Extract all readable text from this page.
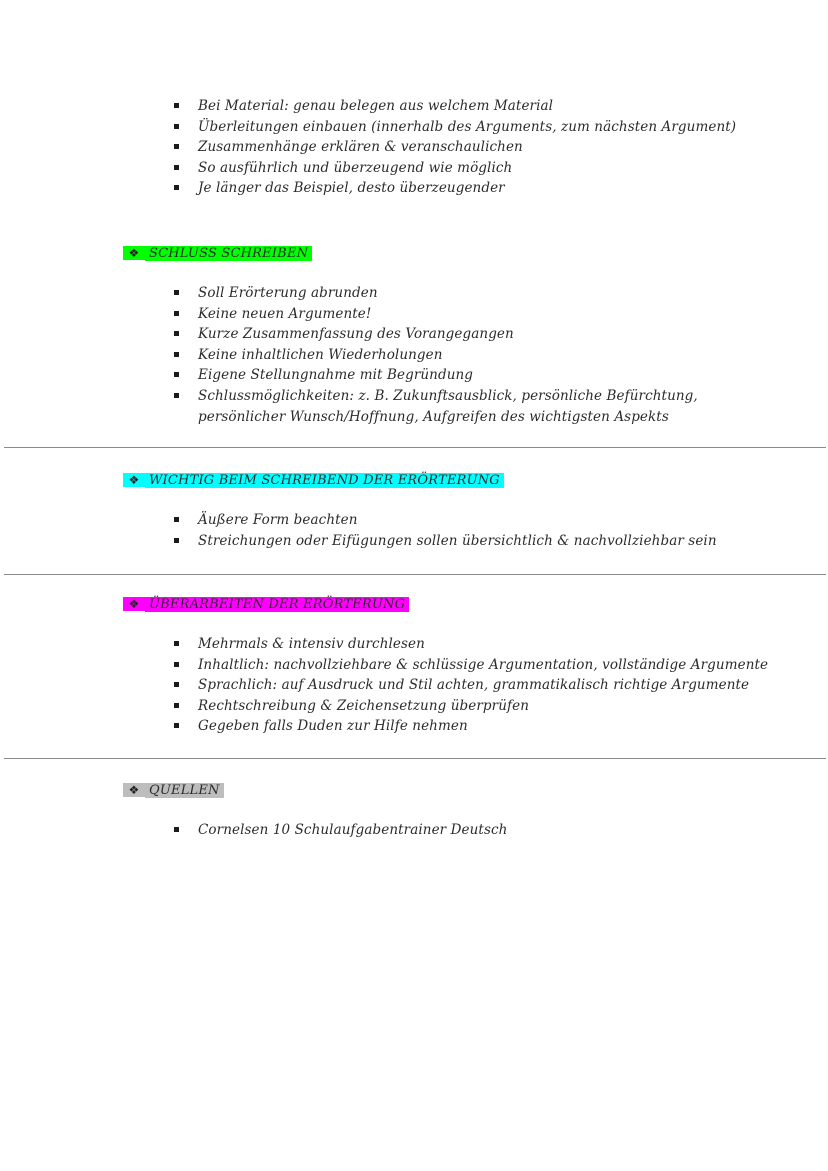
Bei Material: genau belegen aus welchem Material
Überleitungen einbauen (innerhalb des Arguments, zum nächsten Argument)
Zusammenhänge erklären & veranschaulichen
So ausführlich und überzeugend wie möglich
Je länger das Beispiel, desto überzeugender
❖ SCHLUSS SCHREIBEN
Soll Erörterung abrunden
Keine neuen Argumente!
Kurze Zusammenfassung des Vorangegangen
Keine inhaltlichen Wiederholungen
Eigene Stellungnahme mit Begründung
Schlussmöglichkeiten: z. B. Zukunftsausblick, persönliche Befürchtung,
persönlicher Wunsch/Hoffnung, Aufgreifen des wichtigsten Aspekts
❖ WICHTIG BEIM SCHREIBEND DER ERÖRTERUNG
Äußere Form beachten
Streichungen oder Eifügungen sollen übersichtlich & nachvollziehbar sein
❖ ÜBERARBEITEN DER ERÖRTERUNG
Mehrmals & intensiv durchlesen
Inhaltlich: nachvollziehbare & schlüssige Argumentation, vollständige Argumente
Sprachlich: auf Ausdruck und Stil achten, grammatikalisch richtige Argumente
Rechtschreibung & Zeichensetzung überprüfen
Gegeben falls Duden zur Hilfe nehmen
❖ QUELLEN
Cornelsen 10 Schulaufgabentrainer Deutsch
